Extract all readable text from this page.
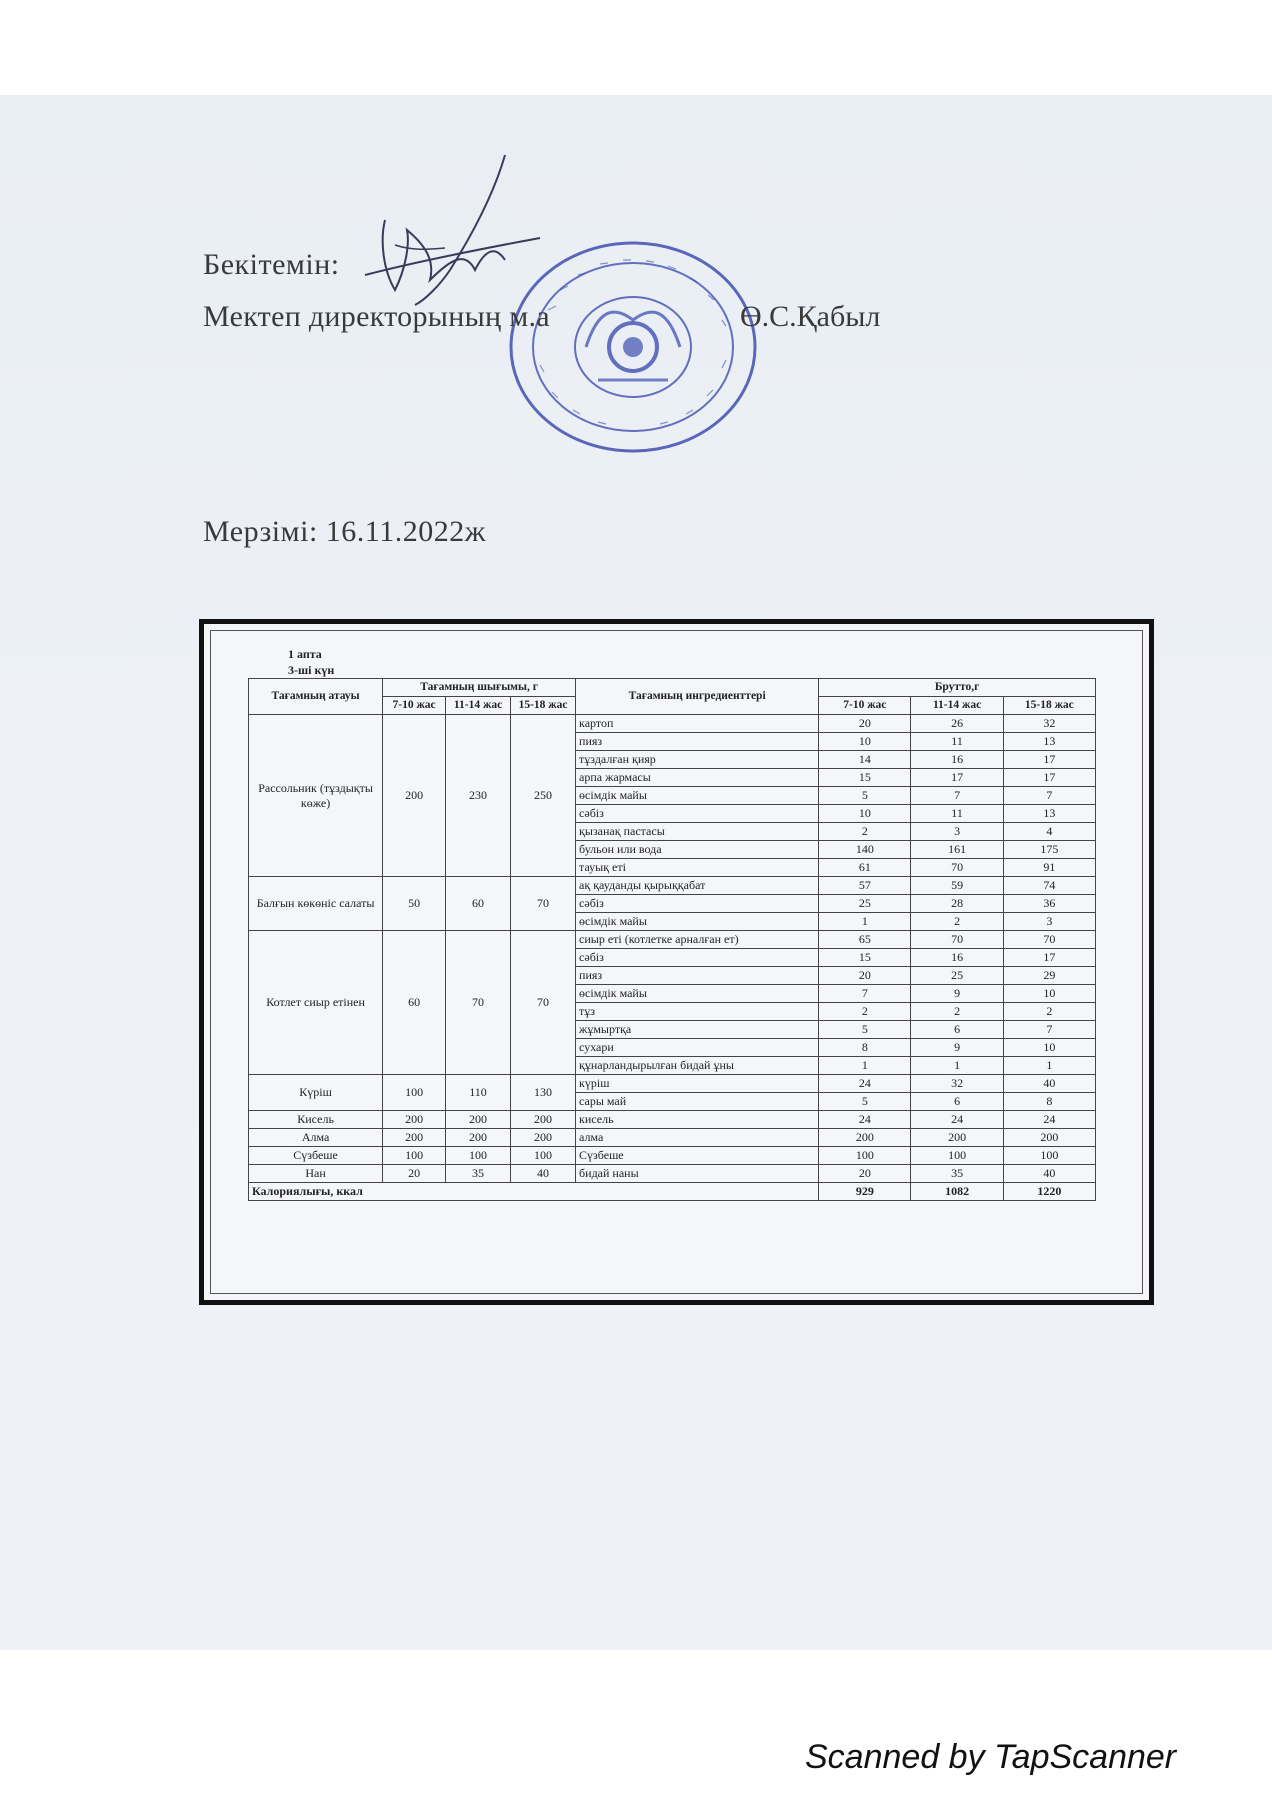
Бекітемін:
Мектеп директорының м.а	Ө.С.Қабыл
Мерзімі: 16.11.2022ж
1 апта
3-ші күн
Тағамның атауы	Тағамның шығымы, г			Тағамның ингредиенттері	Брутто,г		
	7-10 жас	11-14 жас	15-18 жас		7-10 жас	11-14 жас	15-18 жас
Рассольник (тұздықты көже)	200	230	250	картоп	20	26	32
				пияз	10	11	13
				тұздалған қияр	14	16	17
				арпа жармасы	15	17	17
				өсімдік майы	5	7	7
				сәбіз	10	11	13
				қызанақ пастасы	2	3	4
				бульон или вода	140	161	175
				тауық еті	61	70	91
Балғын көкөніс салаты	50	60	70	ақ қауданды қырыққабат	57	59	74
				сәбіз	25	28	36
				өсімдік майы	1	2	3
Котлет сиыр етінен	60	70	70	сиыр еті (котлетке арналған ет)	65	70	70
				сәбіз	15	16	17
				пияз	20	25	29
				өсімдік майы	7	9	10
				тұз	2	2	2
				жұмыртқа	5	6	7
				сухари	8	9	10
				құнарландырылған бидай ұны	1	1	1
Күріш	100	110	130	күріш	24	32	40
				сары май	5	6	8
Кисель	200	200	200	кисель	24	24	24
Алма	200	200	200	алма	200	200	200
Сүзбеше	100	100	100	Сүзбеше	100	100	100
Нан	20	35	40	бидай наны	20	35	40
Калориялығы, ккал					929	1082	1220
Scanned by TapScanner
